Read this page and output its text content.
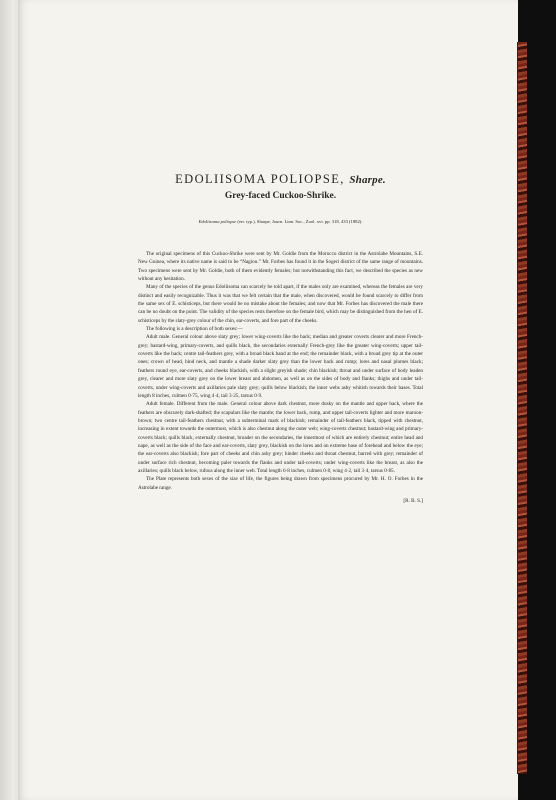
EDOLIISOMA POLIOPSE, Sharpe.
Grey-faced Cuckoo-Shrike.
Edoliisoma poliopse (err. typ.), Sharpe, Journ. Linn. Soc., Zool. xvi. pp. 318, 433 (1882).

The original specimens of this Cuckoo-Shrike were sent by Mr. Goldie from the Morocco district in the Astrolabe Mountains, S.E. New Guinea, where its native name is said to be “Nagiou.” Mr. Forbes has found it in the Sogeri district of the same range of mountains. Two specimens were sent by Mr. Goldie, both of them evidently females; but notwithstanding this fact, we described the species as new without any hesitation.

Many of the species of the genus Edoliisoma can scarcely be told apart, if the males only are examined, whereas the females are very distinct and easily recognizable. Thus it was that we felt certain that the male, when discovered, would be found scarcely to differ from the same sex of E. schisticeps, but there would be no mistake about the females; and now that Mr. Forbes has discovered the male there can be no doubt on the point. The validity of the species rests therefore on the female bird, which may be distinguished from the hen of E. schisticeps by the slaty-grey colour of the chin, ear-coverts, and fore part of the cheeks.

The following is a description of both sexes:—

Adult male. General colour above slaty grey; lower wing-coverts like the back; median and greater coverts clearer and more French-grey; bastard-wing, primary-coverts, and quills black, the secondaries externally French-grey like the greater wing-coverts; upper tail-coverts like the back; centre tail-feathers grey, with a broad black band at the end; the remainder black, with a broad grey tip at the outer ones; crown of head, hind neck, and mantle a shade darker slaty grey than the lower back and rump; lores and nasal plumes black; feathers round eye, ear-coverts, and cheeks blackish, with a slight greyish shade; chin blackish; throat and under surface of body leaden grey, clearer and more slaty grey on the lower breast and abdomen, as well as on the sides of body and flanks; thighs and under tail-coverts, under wing-coverts and axillaries pale slaty grey; quills below blackish; the inner webs ashy whitish towards their bases. Total length 8 inches, culmen 0·75, wing 4·4, tail 3·25, tarsus 0·9.

Adult female. Different from the male. General colour above dark chestnut, more dusky on the mantle and upper back, where the feathers are obscurely dark-shafted; the scapulars like the mantle; the lower back, rump, and upper tail-coverts lighter and more maroon-brown; two centre tail-feathers chestnut, with a subterminal mark of blackish; remainder of tail-feathers black, tipped with chestnut, increasing in extent towards the outermost, which is also chestnut along the outer web; wing-coverts chestnut; bastard-wing and primary-coverts black; quills black, externally chestnut, broader on the secondaries, the innermost of which are entirely chestnut; entire head and nape, as well as the side of the face and ear-coverts, slaty grey, blackish on the lores and on extreme base of forehead and below the eye; the ear-coverts also blackish; fore part of cheeks and chin ashy grey; hinder cheeks and throat chestnut, barred with grey; remainder of under surface rich chestnut, becoming paler towards the flanks and under tail-coverts; under wing-coverts like the breast, as also the axillaries; quills black below, rufous along the inner web. Total length 6·8 inches, culmen 0·8, wing 4·2, tail 3·4, tarsus 0·85.

The Plate represents both sexes of the size of life, the figures being drawn from specimens procured by Mr. H. O. Forbes in the Astrolabe range.

[R. B. S.]
